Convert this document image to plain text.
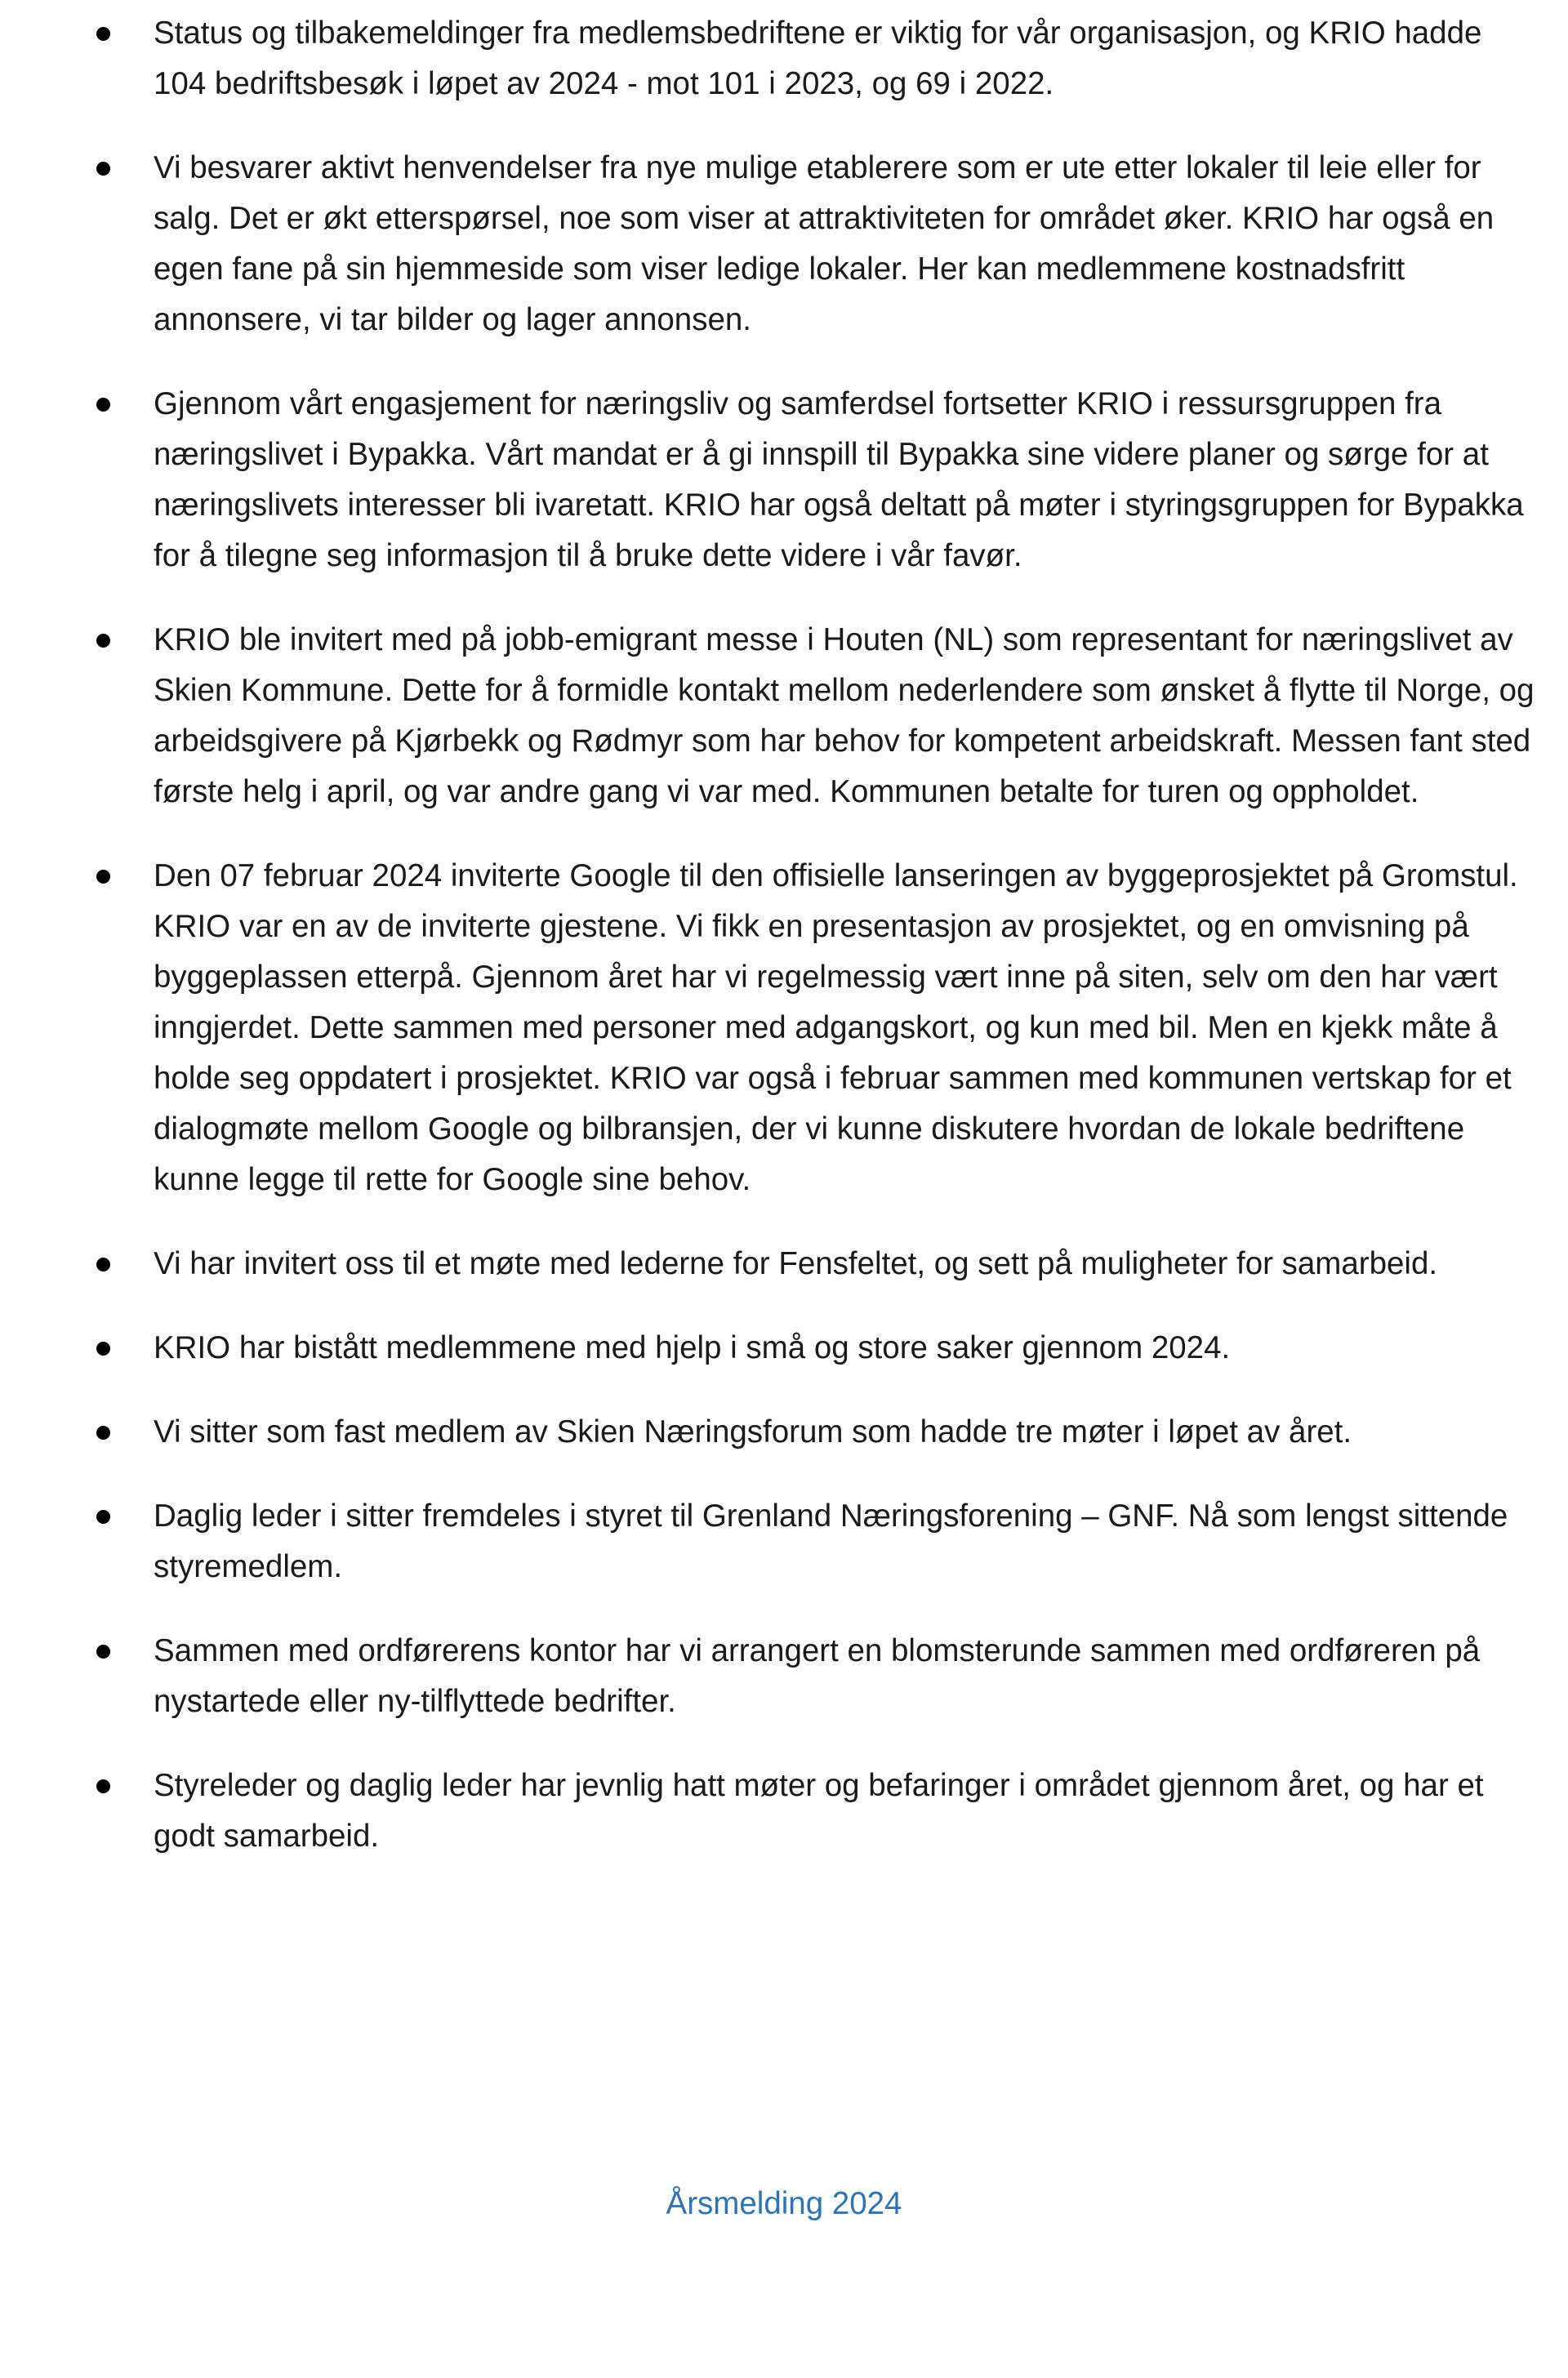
Status og tilbakemeldinger fra medlemsbedriftene er viktig for vår organisasjon, og KRIO hadde 104 bedriftsbesøk i løpet av 2024 - mot 101 i 2023, og 69 i 2022.
Vi besvarer aktivt henvendelser fra nye mulige etablerere som er ute etter lokaler til leie eller for salg. Det er økt etterspørsel, noe som viser at attraktiviteten for området øker. KRIO har også en egen fane på sin hjemmeside som viser ledige lokaler. Her kan medlemmene kostnadsfritt annonsere, vi tar bilder og lager annonsen.
Gjennom vårt engasjement for næringsliv og samferdsel fortsetter KRIO i ressursgruppen fra næringslivet i Bypakka. Vårt mandat er å gi innspill til Bypakka sine videre planer og sørge for at næringslivets interesser bli ivaretatt. KRIO har også deltatt på møter i styringsgruppen for Bypakka for å tilegne seg informasjon til å bruke dette videre i vår favør.
KRIO ble invitert med på jobb-emigrant messe i Houten (NL) som representant for næringslivet av Skien Kommune. Dette for å formidle kontakt mellom nederlendere som ønsket å flytte til Norge, og arbeidsgivere på Kjørbekk og Rødmyr som har behov for kompetent arbeidskraft. Messen fant sted første helg i april, og var andre gang vi var med. Kommunen betalte for turen og oppholdet.
Den 07 februar 2024 inviterte Google til den offisielle lanseringen av byggeprosjektet på Gromstul. KRIO var en av de inviterte gjestene. Vi fikk en presentasjon av prosjektet, og en omvisning på byggeplassen etterpå. Gjennom året har vi regelmessig vært inne på siten, selv om den har vært inngjerdet. Dette sammen med personer med adgangskort, og kun med bil. Men en kjekk måte å holde seg oppdatert i prosjektet. KRIO var også i februar sammen med kommunen vertskap for et dialogmøte mellom Google og bilbransjen, der vi kunne diskutere hvordan de lokale bedriftene kunne legge til rette for Google sine behov.
Vi har invitert oss til et møte med lederne for Fensfeltet, og sett på muligheter for samarbeid.
KRIO har bistått medlemmene med hjelp i små og store saker gjennom 2024.
Vi sitter som fast medlem av Skien Næringsforum som hadde tre møter i løpet av året.
Daglig leder i sitter fremdeles i styret til Grenland Næringsforening – GNF. Nå som lengst sittende styremedlem.
Sammen med ordførerens kontor har vi arrangert en blomsterunde sammen med ordføreren på nystartede eller ny-tilflyttede bedrifter.
Styreleder og daglig leder har jevnlig hatt møter og befaringer i området gjennom året, og har et godt samarbeid.
Årsmelding 2024
